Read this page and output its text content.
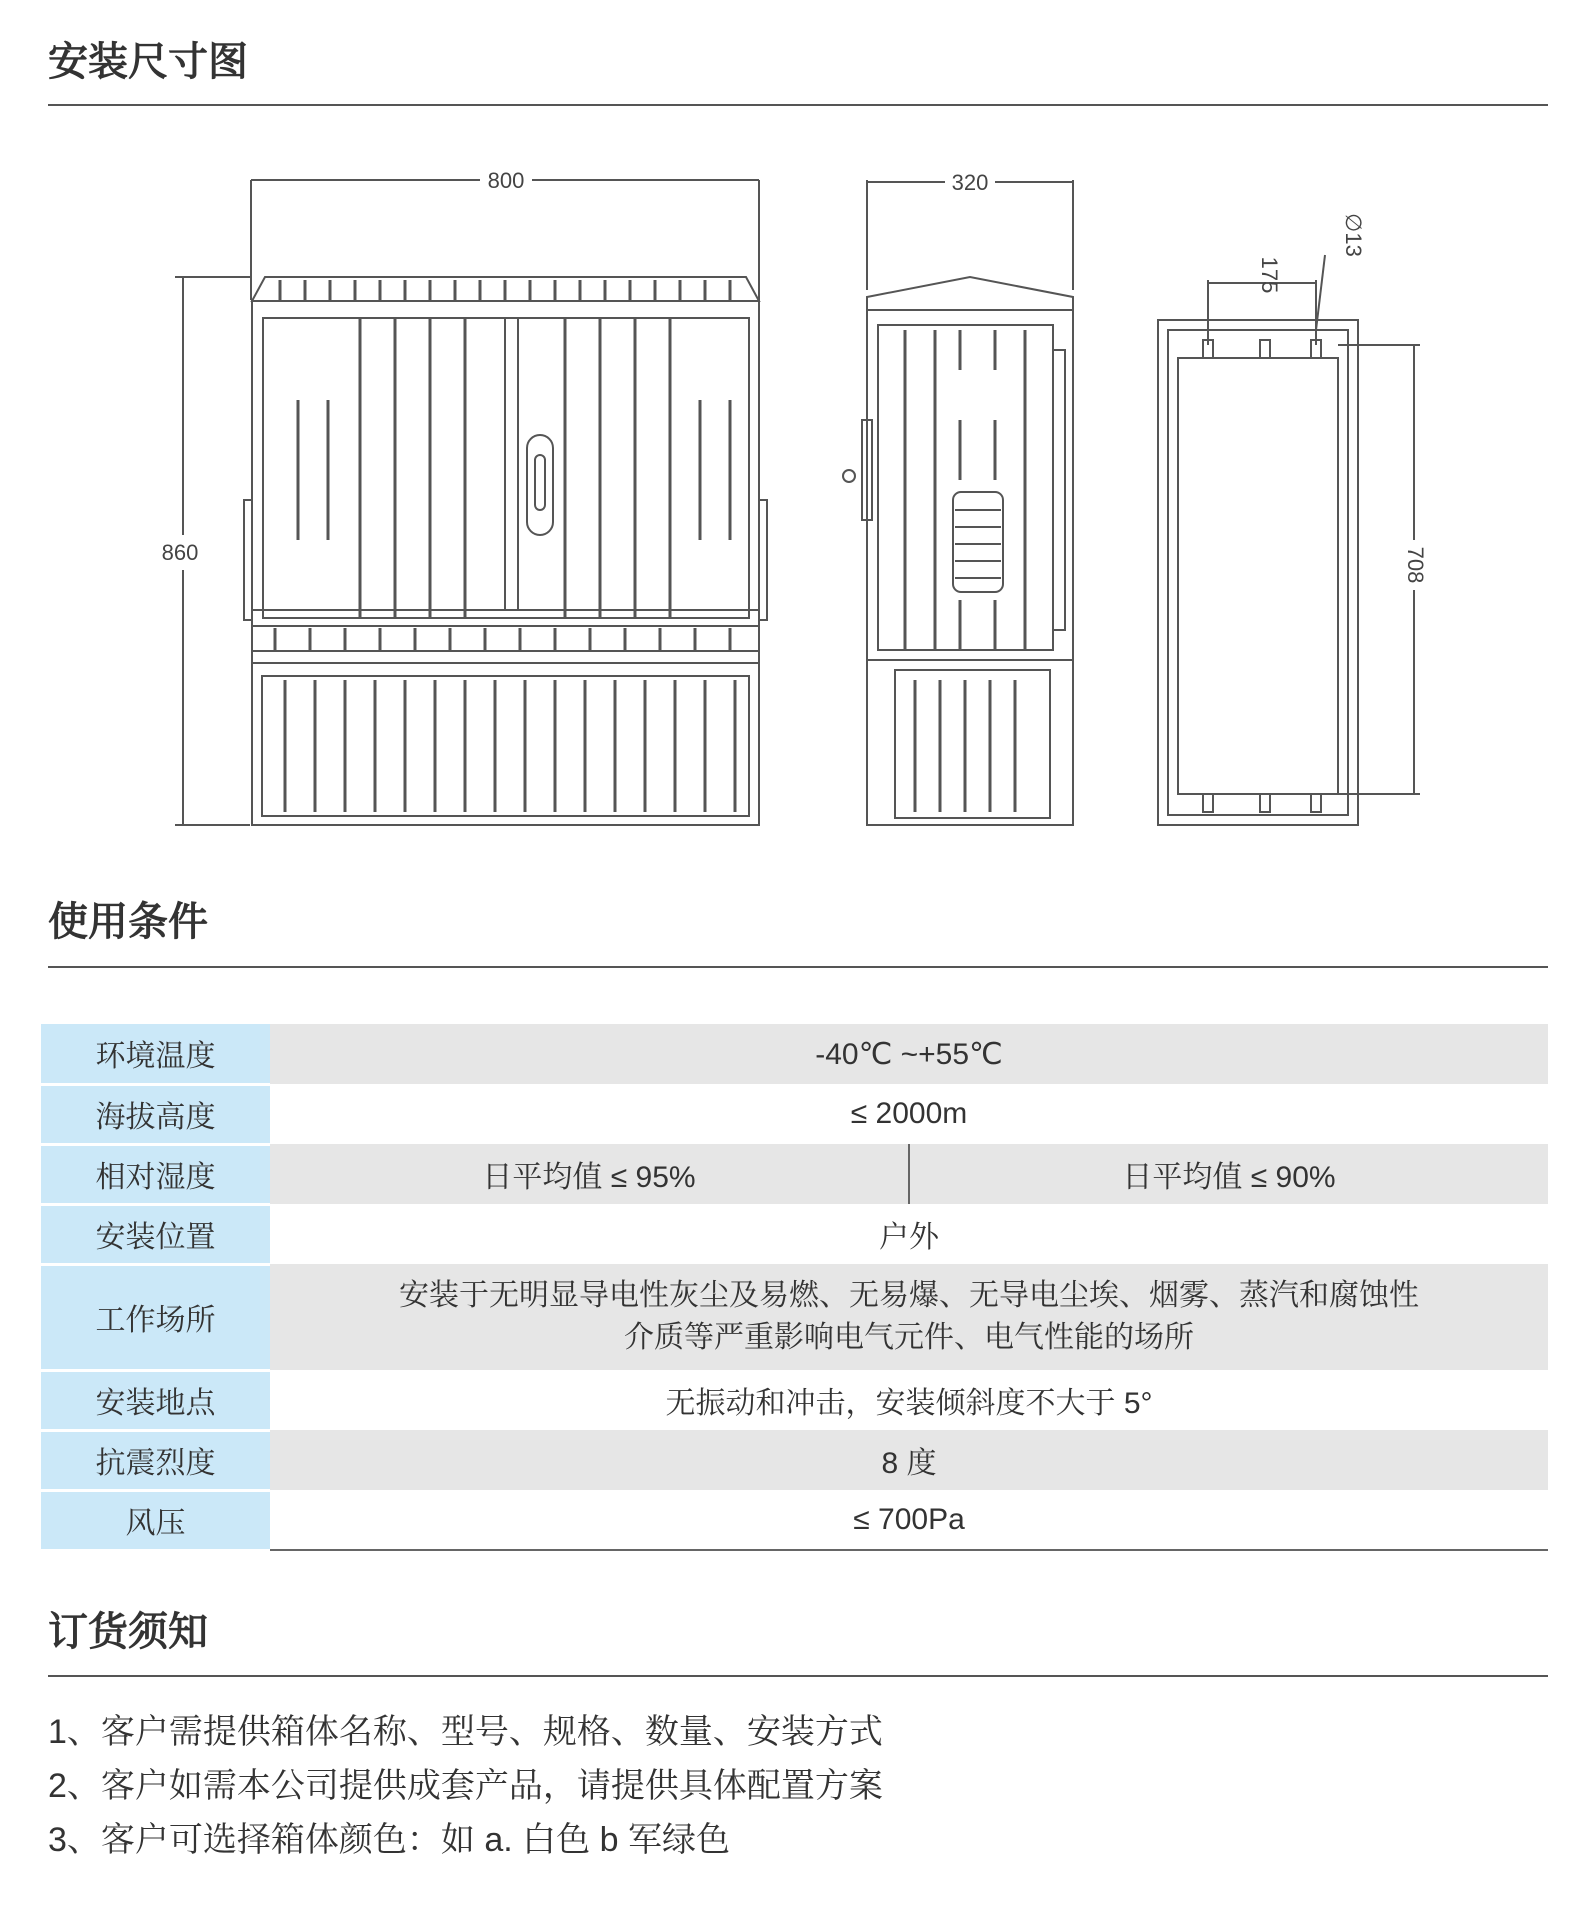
安装尺寸图
800
860
320
175
∅13
708
使用条件
环境温度	-40℃ ~+55℃	
海拔高度	≤ 2000m	
相对湿度	日平均值 ≤ 95%	日平均值 ≤ 90%
安装位置	户外	
工作场所	安装于无明显导电性灰尘及易燃、无易爆、无导电尘埃、烟雾、蒸汽和腐蚀性
介质等严重影响电气元件、电气性能的场所	

安装地点	无振动和冲击，安装倾斜度不大于 5°	
抗震烈度	8 度	
风压	≤ 700Pa	
订货须知
1、客户需提供箱体名称、型号、规格、数量、安装方式
2、客户如需本公司提供成套产品，请提供具体配置方案
3、客户可选择箱体颜色：如 a. 白色 b 军绿色
